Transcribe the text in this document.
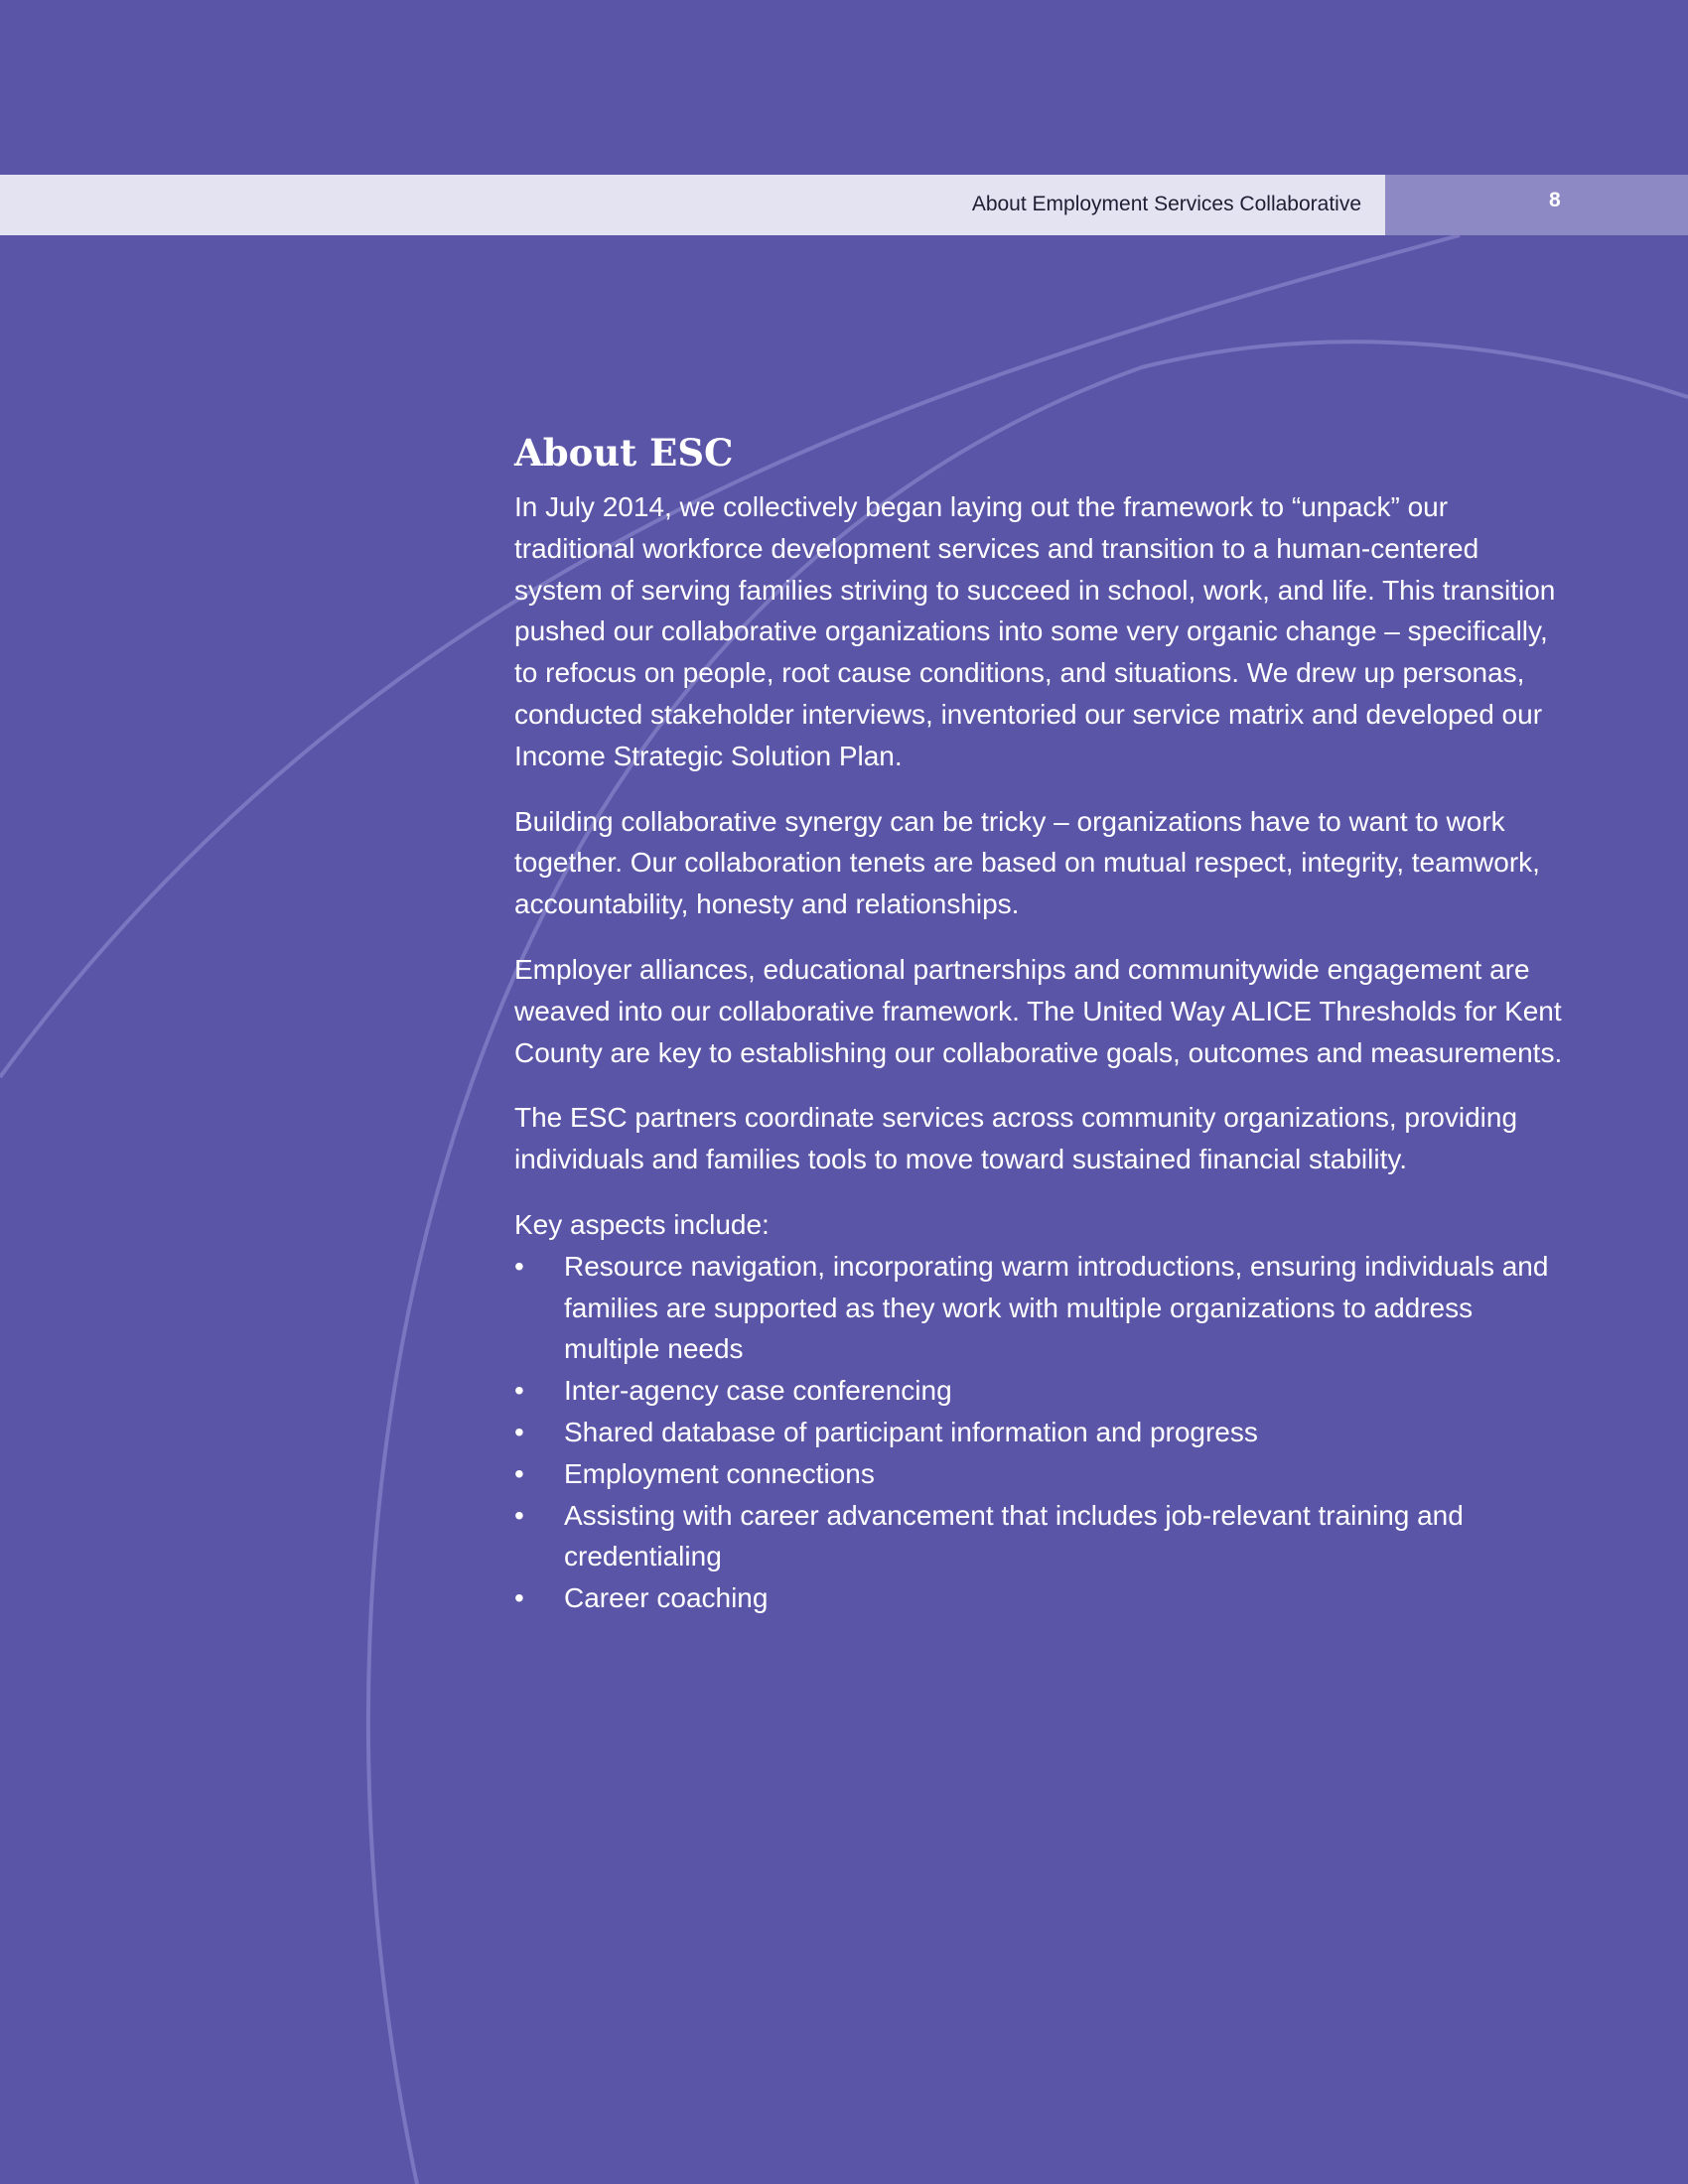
About Employment Services Collaborative	8
About ESC

In July 2014, we collectively began laying out the framework to “unpack” our traditional workforce development services and transition to a human-centered system of serving families striving to succeed in school, work, and life. This transition pushed our collaborative organizations into some very organic change – specifically, to refocus on people, root cause conditions, and situations. We drew up personas, conducted stakeholder interviews, inventoried our service matrix and developed our Income Strategic Solution Plan.

Building collaborative synergy can be tricky – organizations have to want to work together. Our collaboration tenets are based on mutual respect, integrity, teamwork, accountability, honesty and relationships.

Employer alliances, educational partnerships and communitywide engagement are weaved into our collaborative framework. The United Way ALICE Thresholds for Kent County are key to establishing our collaborative goals, outcomes and measurements.

The ESC partners coordinate services across community organizations, providing individuals and families tools to move toward sustained financial stability.

Key aspects include:

•	Resource navigation, incorporating warm introductions, ensuring individuals and families are supported as they work with multiple organizations to address multiple needs
•	Inter-agency case conferencing
•	Shared database of participant information and progress
•	Employment connections
•	Assisting with career advancement that includes job-relevant training and credentialing
•	Career coaching
